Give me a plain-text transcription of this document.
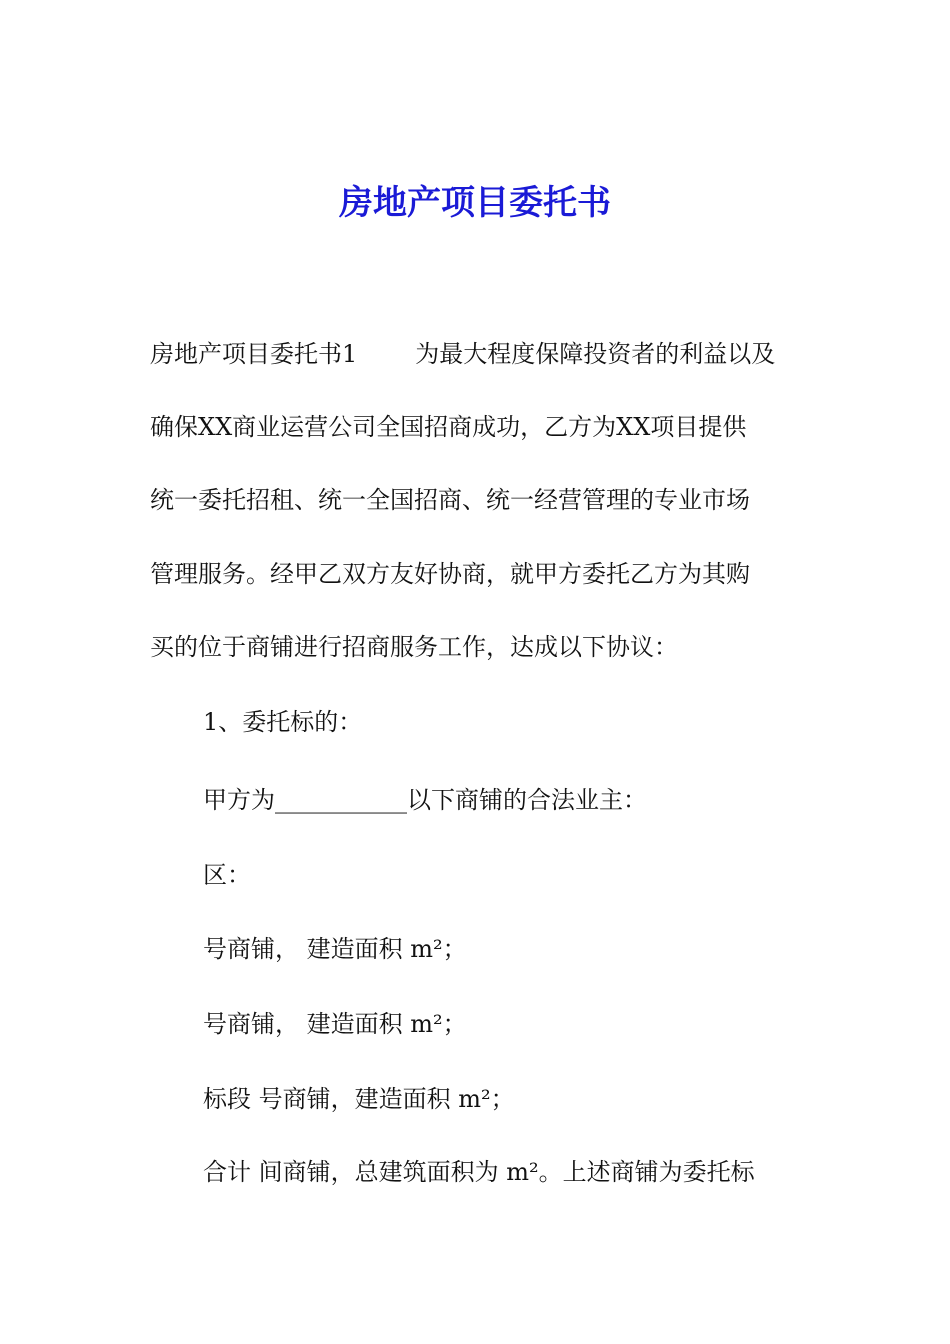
房地产项目委托书

房地产项目委托书1 为最大程度保障投资者的利益以及

确保XX商业运营公司全国招商成功，乙方为XX项目提供

统一委托招租、统一全国招商、统一经营管理的专业市场

管理服务。经甲乙双方友好协商，就甲方委托乙方为其购

买的位于商铺进行招商服务工作，达成以下协议：

1、委托标的：

甲方为___________以下商铺的合法业主：

区：

号商铺， 建造面积 m²；

号商铺， 建造面积 m²；

标段 号商铺，建造面积 m²；

合计 间商铺，总建筑面积为 m²。上述商铺为委托标
